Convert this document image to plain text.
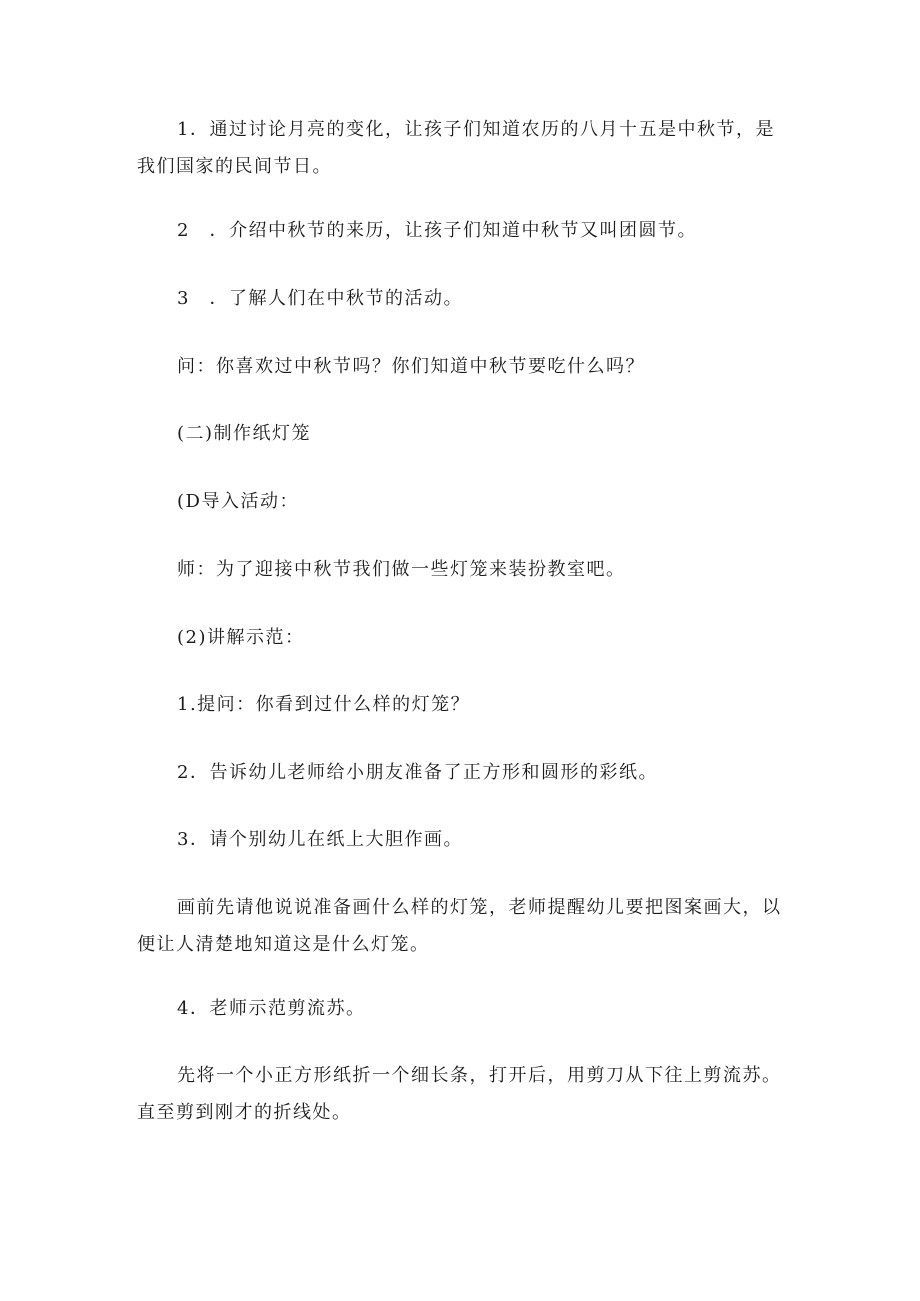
1．通过讨论月亮的变化，让孩子们知道农历的八月十五是中秋节，是我们国家的民间节日。

2　．介绍中秋节的来历，让孩子们知道中秋节又叫团圆节。

3　．了解人们在中秋节的活动。

问：你喜欢过中秋节吗？你们知道中秋节要吃什么吗？

(二)制作纸灯笼

(D导入活动：

师：为了迎接中秋节我们做一些灯笼来装扮教室吧。

(2)讲解示范：

1.提问：你看到过什么样的灯笼？

2．告诉幼儿老师给小朋友准备了正方形和圆形的彩纸。

3．请个别幼儿在纸上大胆作画。

画前先请他说说准备画什么样的灯笼，老师提醒幼儿要把图案画大，以便让人清楚地知道这是什么灯笼。

4．老师示范剪流苏。

先将一个小正方形纸折一个细长条，打开后，用剪刀从下往上剪流苏。直至剪到刚才的折线处。
